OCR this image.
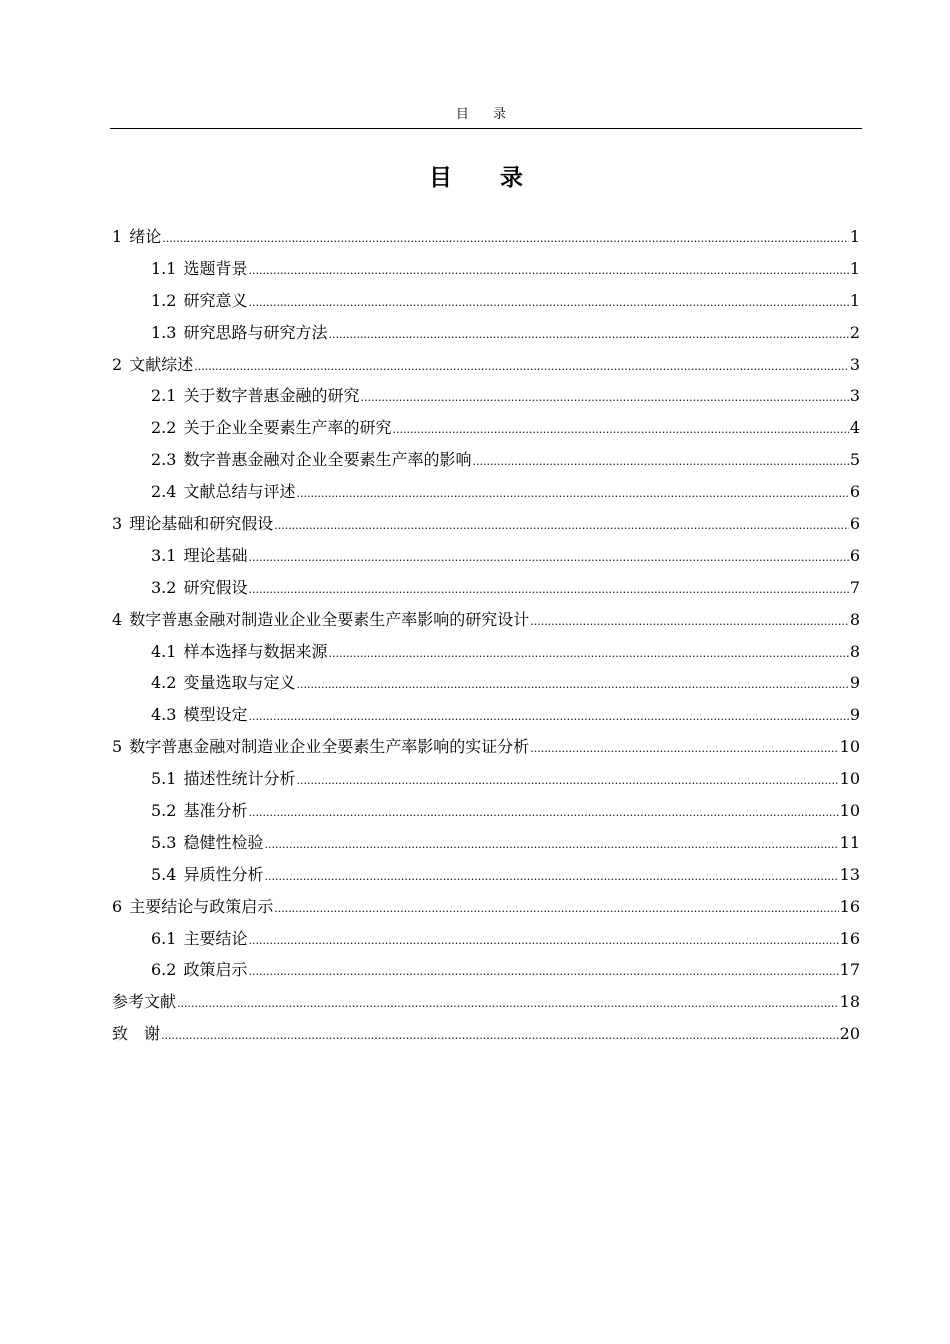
目 录
目 录
1 绪论 .....	1
1.1 选题背景 .....	1
1.2 研究意义 .....	1
1.3 研究思路与研究方法 .....	2
2 文献综述 .....	3
2.1 关于数字普惠金融的研究 .....	3
2.2 关于企业全要素生产率的研究 .....	4
2.3 数字普惠金融对企业全要素生产率的影响 .....	5
2.4 文献总结与评述 .....	6
3 理论基础和研究假设 .....	6
3.1 理论基础 .....	6
3.2 研究假设 .....	7
4 数字普惠金融对制造业企业全要素生产率影响的研究设计 .....	8
4.1 样本选择与数据来源 .....	8
4.2 变量选取与定义 .....	9
4.3 模型设定 .....	9
5 数字普惠金融对制造业企业全要素生产率影响的实证分析 .....	10
5.1 描述性统计分析 .....	10
5.2 基准分析 .....	10
5.3 稳健性检验 .....	11
5.4 异质性分析 .....	13
6 主要结论与政策启示 .....	16
6.1 主要结论 .....	16
6.2 政策启示 .....	17
参考文献 .....	18
致　谢 .....	20
